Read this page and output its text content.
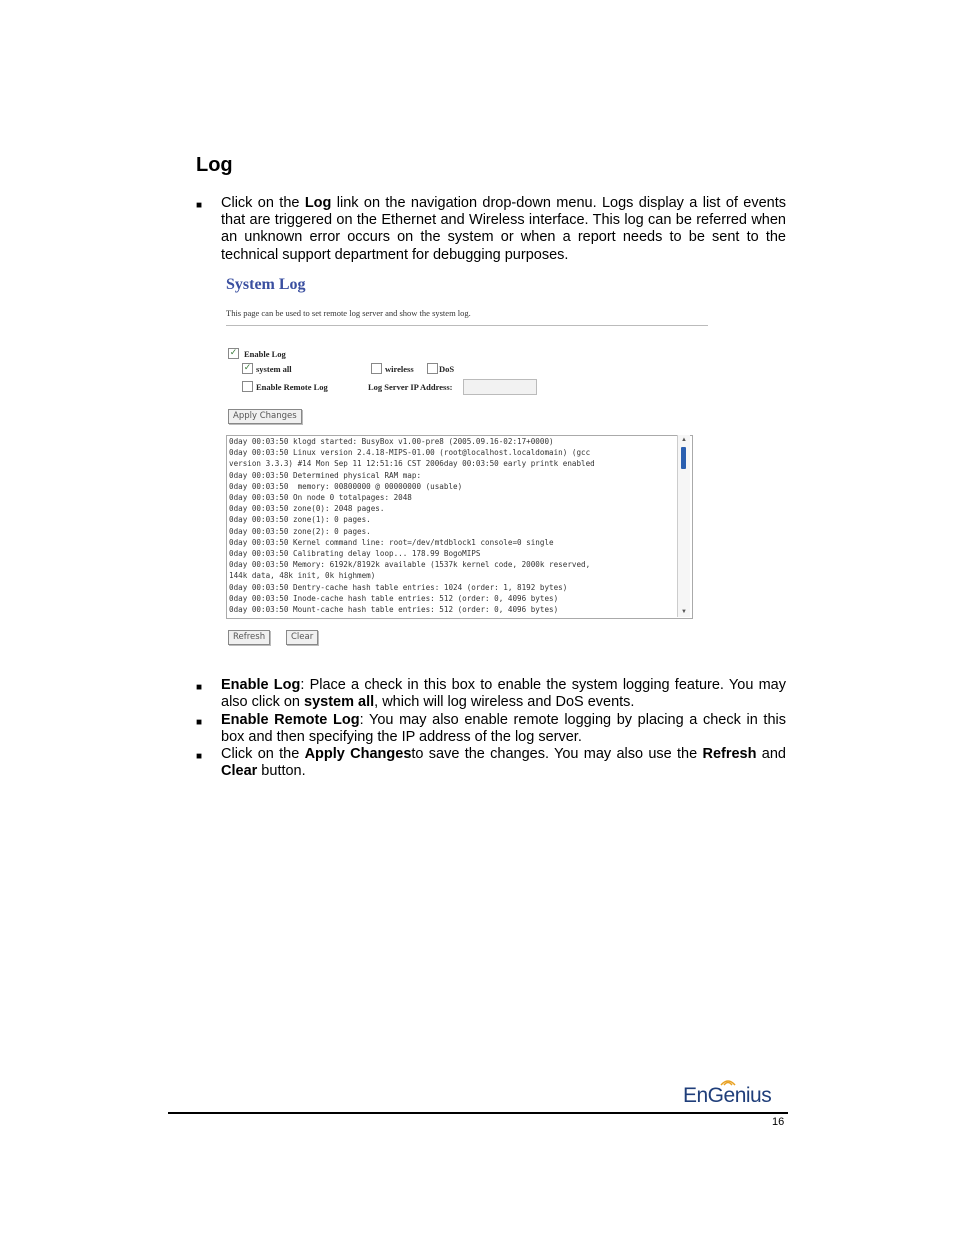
Log
■ Click on the Log link on the navigation drop-down menu. Logs display a list of events that are triggered on the Ethernet and Wireless interface. This log can be referred when an unknown error occurs on the system or when a report needs to be sent to the technical support department for debugging purposes.

System Log
This page can be used to set remote log server and show the system log.
✓ Enable Log
✓ system all	wireless	DoS
Enable Remote Log	Log Server IP Address:
Apply Changes
0day 00:03:50 klogd started: BusyBox v1.00-pre8 (2005.09.16-02:17+0000)
0day 00:03:50 Linux version 2.4.18-MIPS-01.00 (root@localhost.localdomain) (gcc
version 3.3.3) #14 Mon Sep 11 12:51:16 CST 2006day 00:03:50 early printk enabled
0day 00:03:50 Determined physical RAM map:
0day 00:03:50  memory: 00800000 @ 00000000 (usable)
0day 00:03:50 On node 0 totalpages: 2048
0day 00:03:50 zone(0): 2048 pages.
0day 00:03:50 zone(1): 0 pages.
0day 00:03:50 zone(2): 0 pages.
0day 00:03:50 Kernel command line: root=/dev/mtdblock1 console=0 single
0day 00:03:50 Calibrating delay loop... 178.99 BogoMIPS
0day 00:03:50 Memory: 6192k/8192k available (1537k kernel code, 2000k reserved,
144k data, 48k init, 0k highmem)
0day 00:03:50 Dentry-cache hash table entries: 1024 (order: 1, 8192 bytes)
0day 00:03:50 Inode-cache hash table entries: 512 (order: 0, 4096 bytes)
0day 00:03:50 Mount-cache hash table entries: 512 (order: 0, 4096 bytes)
▲
▼
Refresh	Clear
■ Enable Log: Place a check in this box to enable the system logging feature. You may also click on system all, which will log wireless and DoS events.

■ Enable Remote Log: You may also enable remote logging by placing a check in this box and then specifying the IP address of the log server.

■ Click on the Apply Changesto save the changes. You may also use the Refresh and Clear button.

EnGenius
16
